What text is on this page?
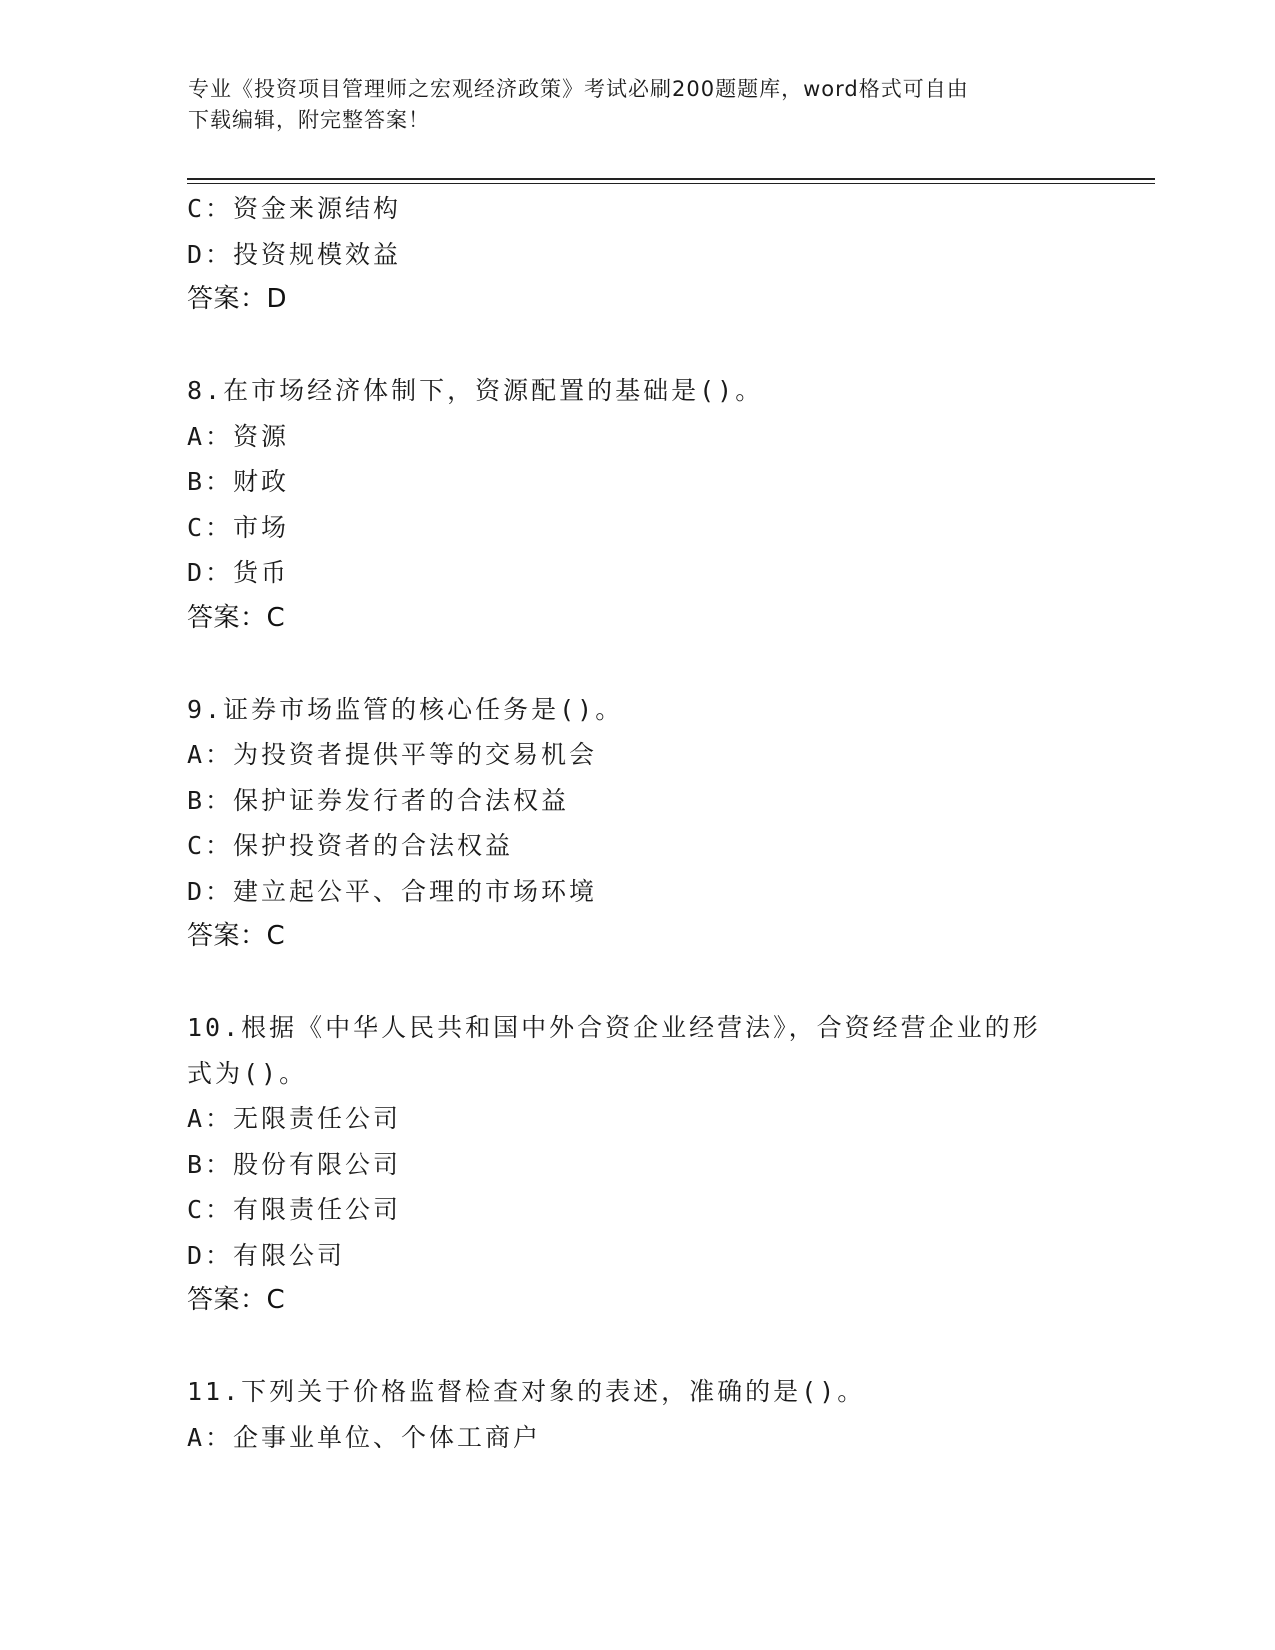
专业《投资项目管理师之宏观经济政策》考试必刷200题题库，word格式可自由
下载编辑，附完整答案！
C：资金来源结构
D：投资规模效益
答案：D
8.在市场经济体制下，资源配置的基础是()。
A：资源
B：财政
C：市场
D：货币
答案：C
9.证券市场监管的核心任务是()。
A：为投资者提供平等的交易机会
B：保护证券发行者的合法权益
C：保护投资者的合法权益
D：建立起公平、合理的市场环境
答案：C
10.根据《中华人民共和国中外合资企业经营法》，合资经营企业的形
式为()。
A：无限责任公司
B：股份有限公司
C：有限责任公司
D：有限公司
答案：C
11.下列关于价格监督检查对象的表述，准确的是()。
A：企事业单位、个体工商户
